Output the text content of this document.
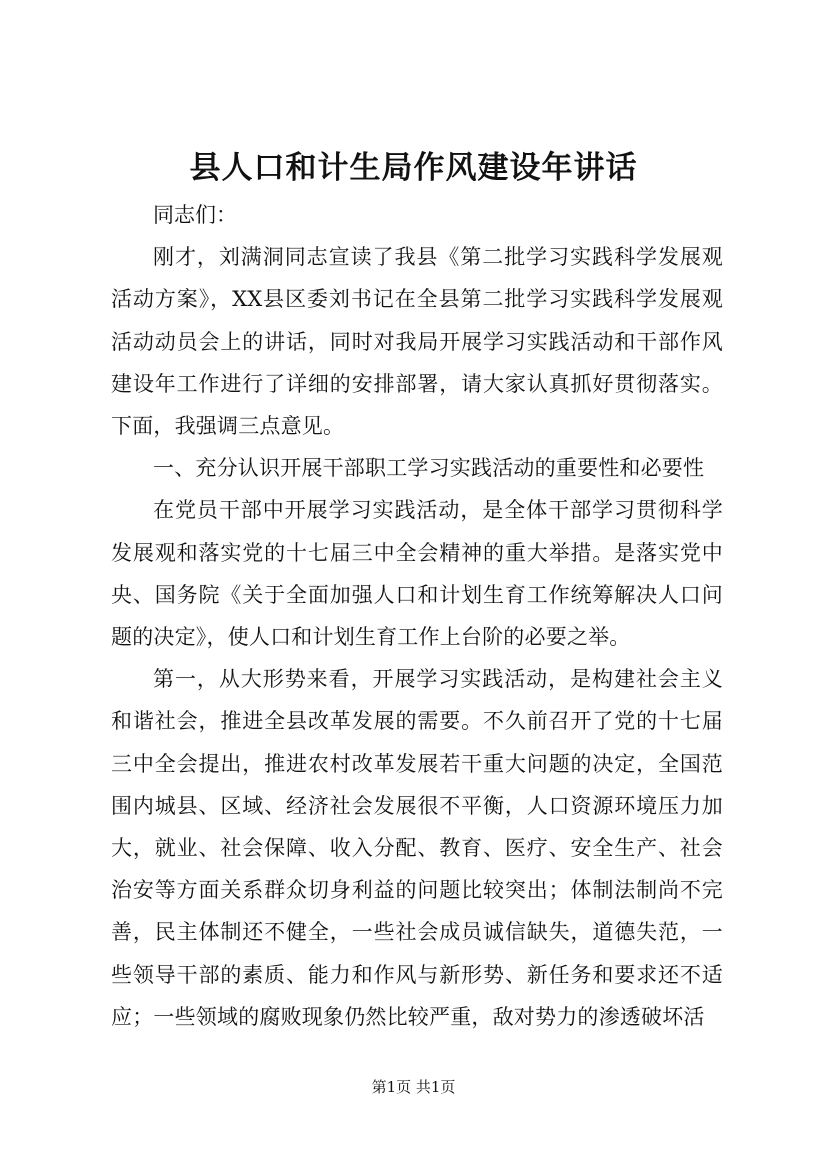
县人口和计生局作风建设年讲话

同志们：

刚才，刘满洞同志宣读了我县《第二批学习实践科学发展观活动方案》，XX县区委刘书记在全县第二批学习实践科学发展观活动动员会上的讲话，同时对我局开展学习实践活动和干部作风建设年工作进行了详细的安排部署，请大家认真抓好贯彻落实。下面，我强调三点意见。

一、充分认识开展干部职工学习实践活动的重要性和必要性

在党员干部中开展学习实践活动，是全体干部学习贯彻科学发展观和落实党的十七届三中全会精神的重大举措。是落实党中央、国务院《关于全面加强人口和计划生育工作统筹解决人口问题的决定》，使人口和计划生育工作上台阶的必要之举。

第一，从大形势来看，开展学习实践活动，是构建社会主义和谐社会，推进全县改革发展的需要。不久前召开了党的十七届三中全会提出，推进农村改革发展若干重大问题的决定，全国范围内城县、区域、经济社会发展很不平衡，人口资源环境压力加大，就业、社会保障、收入分配、教育、医疗、安全生产、社会治安等方面关系群众切身利益的问题比较突出；体制法制尚不完善，民主体制还不健全，一些社会成员诚信缺失，道德失范，一些领导干部的素质、能力和作风与新形势、新任务和要求还不适应；一些领域的腐败现象仍然比较严重，敌对势力的渗透破坏活

第1页 共1页
